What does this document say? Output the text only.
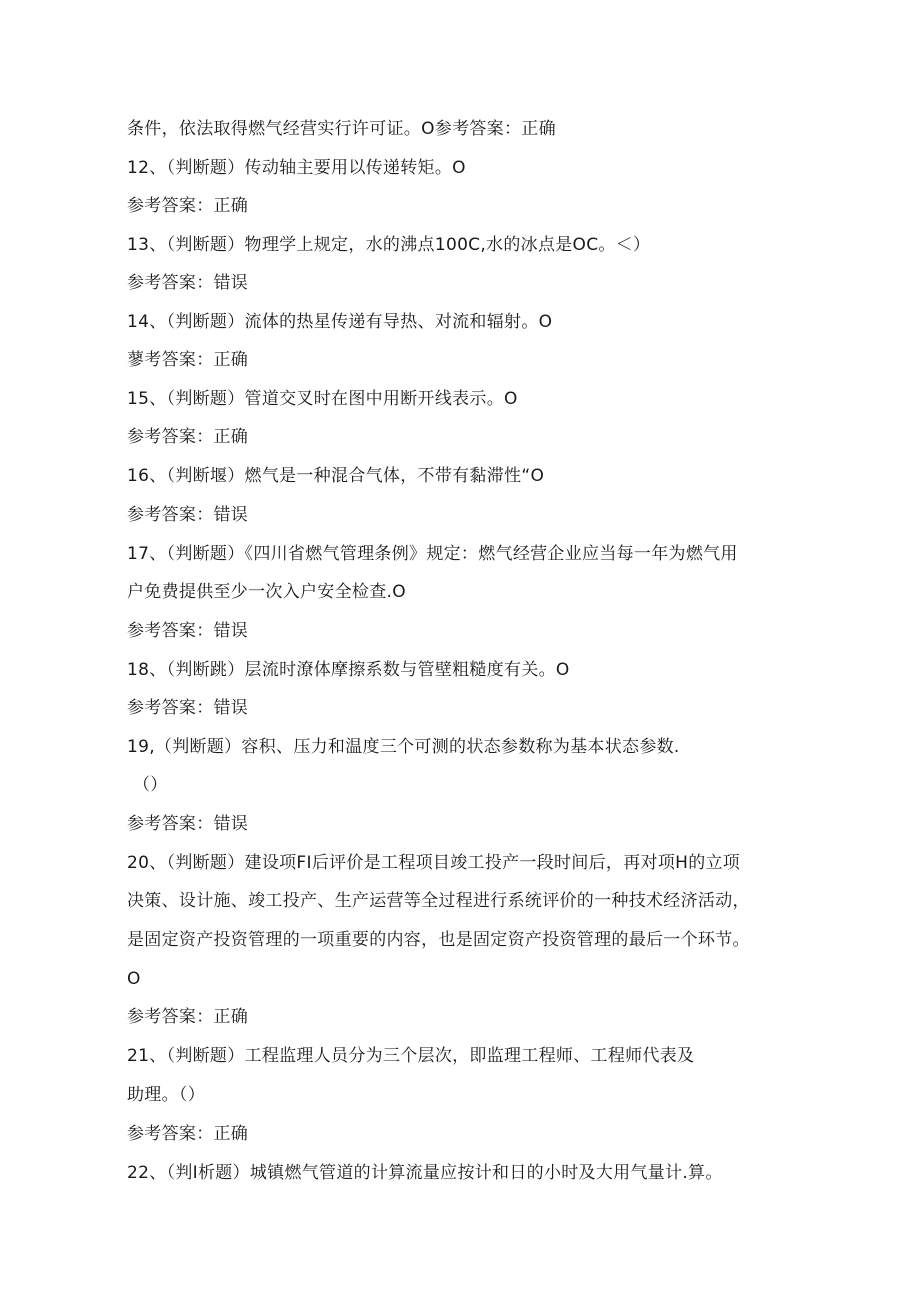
条件，依法取得燃气经营实行许可证。O参考答案：正确
12、（判断题）传动轴主要用以传递转矩。O
参考答案：正确
13、（判断题）物理学上规定，水的沸点100C,水的冰点是OC。＜）
参考答案：错误
14、（判断题）流体的热星传递有导热、对流和辐射。O
蓼考答案：正确
15、（判断题）管道交叉时在图中用断开线表示。O
参考答案：正确
16、（判断堰）燃气是一种混合气体，不带有黏滞性“O
参考答案：错误
17、（判断题）《四川省燃气管理条例》规定：燃气经营企业应当每一年为燃气用
户免费提供至少一次入户安全检查.O
参考答案：错误
18、（判断跳）层流时潦体摩擦系数与管壁粗糙度有关。O
参考答案：错误
19,（判断题）容积、压力和温度三个可测的状态参数称为基本状态参数.
（）
参考答案：错误
20、（判断题）建设项FI后评价是工程项目竣工投产一段时间后，再对项H的立项
决策、设计施、竣工投产、生产运营等全过程进行系统评价的一种技术经济活动，
是固定资产投资管理的一项重要的内容，也是固定资产投资管理的最后一个环节。
O
参考答案：正确
21、（判断题）工程监理人员分为三个层次，即监理工程师、工程师代表及
助理。（）
参考答案：正确
22、（判I析题）城镇燃气管道的计算流量应按计和日的小时及大用气量计.算。
